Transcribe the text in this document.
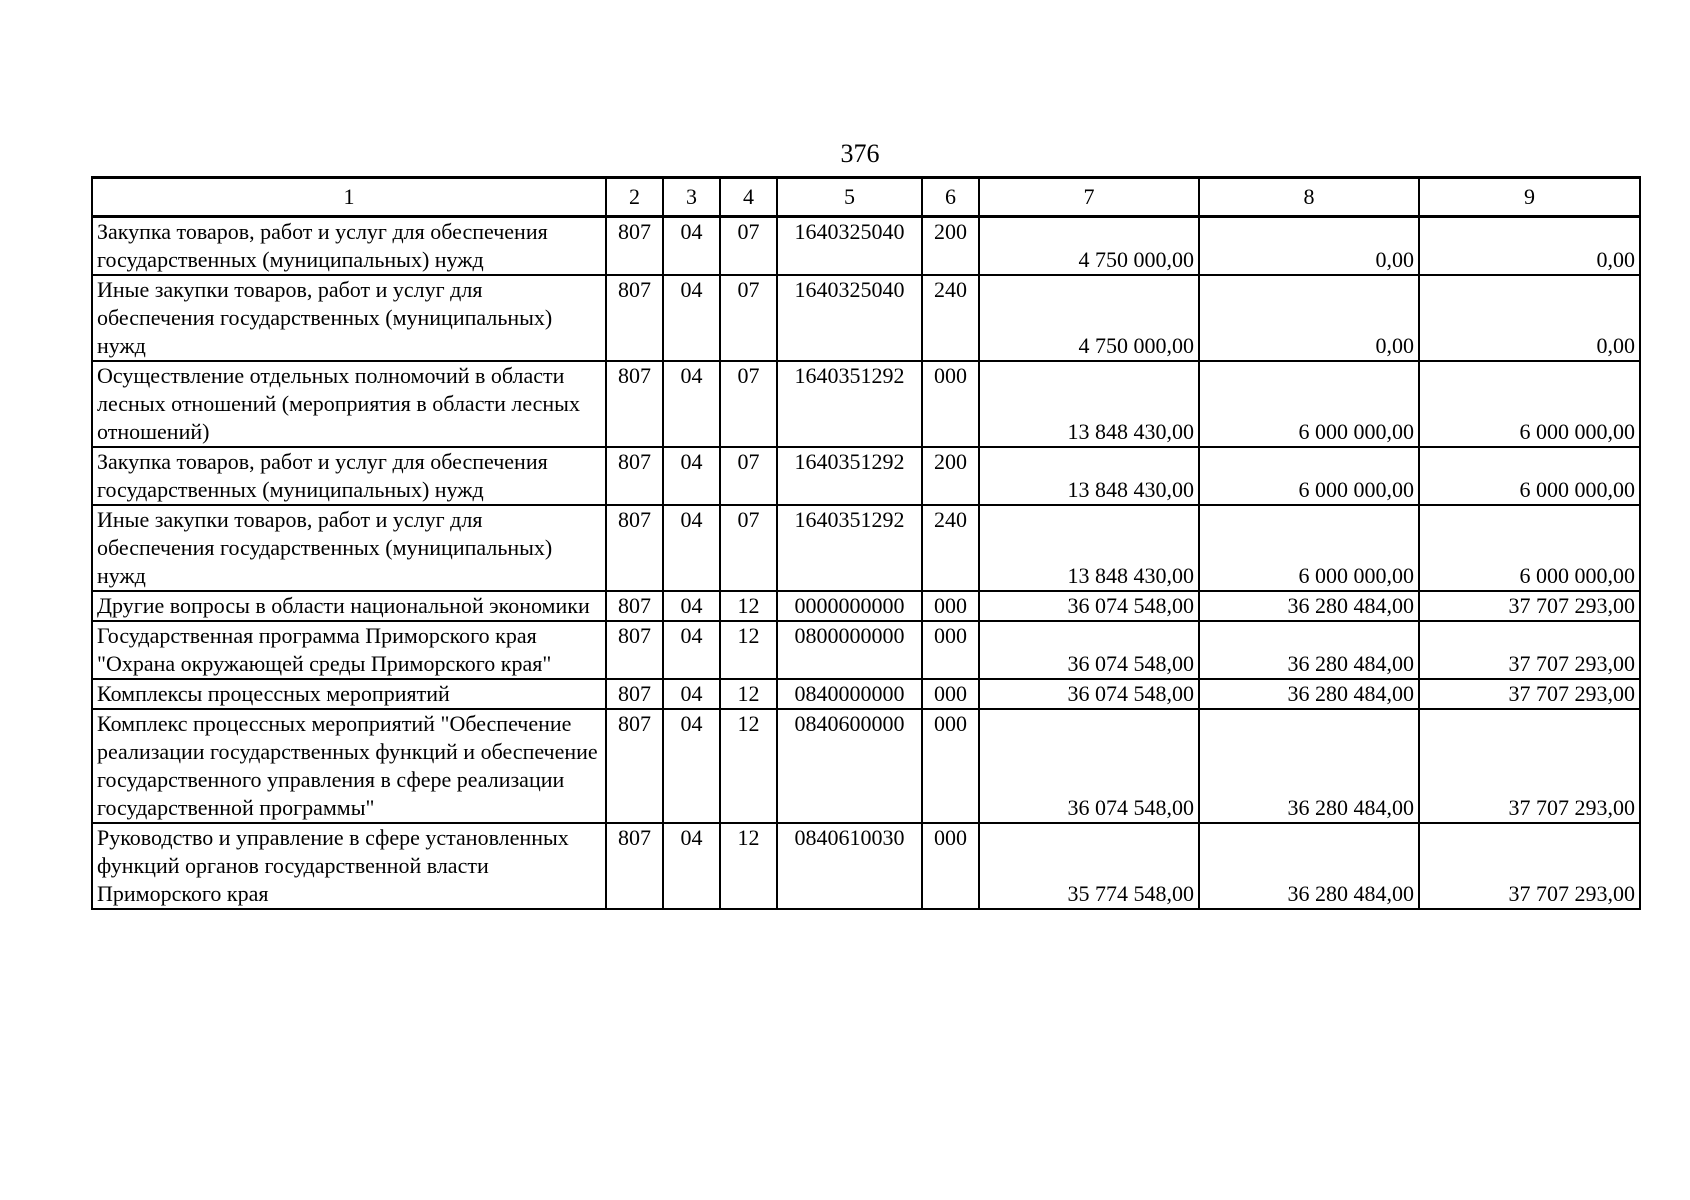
376
1	2	3	4	5	6	7	8	9
Закупка товаров, работ и услуг для обеспечения государственных (муниципальных) нужд	807	04	07	1640325040	200	4 750 000,00	0,00	0,00
Иные закупки товаров, работ и услуг для обеспечения государственных (муниципальных) нужд	807	04	07	1640325040	240	4 750 000,00	0,00	0,00
Осуществление отдельных полномочий в области лесных отношений (мероприятия в области лесных отношений)	807	04	07	1640351292	000	13 848 430,00	6 000 000,00	6 000 000,00
Закупка товаров, работ и услуг для обеспечения государственных (муниципальных) нужд	807	04	07	1640351292	200	13 848 430,00	6 000 000,00	6 000 000,00
Иные закупки товаров, работ и услуг для обеспечения государственных (муниципальных) нужд	807	04	07	1640351292	240	13 848 430,00	6 000 000,00	6 000 000,00
Другие вопросы в области национальной экономики	807	04	12	0000000000	000	36 074 548,00	36 280 484,00	37 707 293,00
Государственная программа Приморского края "Охрана окружающей среды Приморского края"	807	04	12	0800000000	000	36 074 548,00	36 280 484,00	37 707 293,00
Комплексы процессных мероприятий	807	04	12	0840000000	000	36 074 548,00	36 280 484,00	37 707 293,00
Комплекс процессных мероприятий "Обеспечение реализации государственных функций и обеспечение государственного управления в сфере реализации государственной программы"	807	04	12	0840600000	000	36 074 548,00	36 280 484,00	37 707 293,00
Руководство и управление в сфере установленных функций органов государственной власти Приморского края	807	04	12	0840610030	000	35 774 548,00	36 280 484,00	37 707 293,00
